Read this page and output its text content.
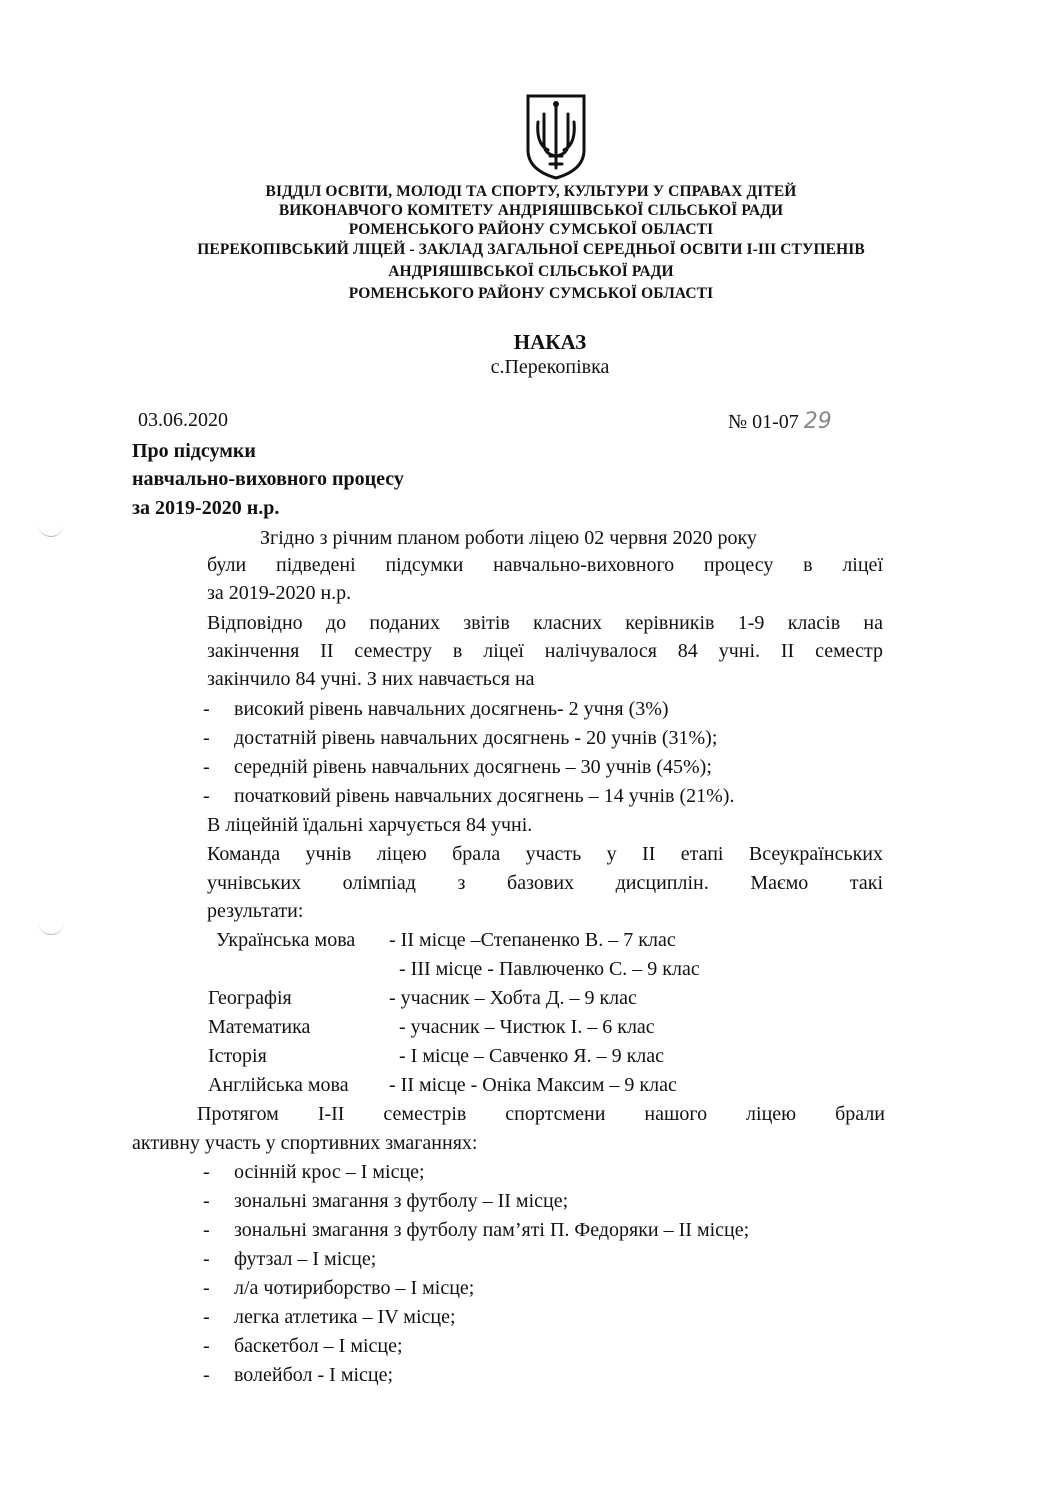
ВІДДІЛ ОСВІТИ, МОЛОДІ ТА СПОРТУ, КУЛЬТУРИ У СПРАВАХ ДІТЕЙ
ВИКОНАВЧОГО КОМІТЕТУ АНДРІЯШІВСЬКОЇ СІЛЬСЬКОЇ РАДИ
РОМЕНСЬКОГО РАЙОНУ СУМСЬКОЇ ОБЛАСТІ
ПЕРЕКОПІВСЬКИЙ ЛІЦЕЙ - ЗАКЛАД ЗАГАЛЬНОЇ СЕРЕДНЬОЇ ОСВІТИ І-ІІІ СТУПЕНІВ
АНДРІЯШІВСЬКОЇ СІЛЬСЬКОЇ РАДИ
РОМЕНСЬКОГО РАЙОНУ СУМСЬКОЇ ОБЛАСТІ
НАКАЗ
с.Перекопівка
03.06.2020	№ 01-07 29
Про підсумки
навчально-виховного процесу
за 2019-2020 н.р.
Згідно з річним планом роботи ліцею 02 червня 2020 року
були підведені підсумки навчально-виховного процесу в ліцеї
за 2019-2020 н.р.
Відповідно до поданих звітів класних керівників 1-9 класів на
закінчення ІІ семестру в ліцеї налічувалося 84 учні. ІІ семестр
закінчило 84 учні. З них навчається на
- високий рівень навчальних досягнень- 2 учня (3%)
- достатній рівень навчальних досягнень - 20 учнів (31%);
- середній рівень навчальних досягнень – 30 учнів (45%);
- початковий рівень навчальних досягнень – 14 учнів (21%).
В ліцейній їдальні харчується 84 учні.
Команда учнів ліцею брала участь у ІІ етапі Всеукраїнських
учнівських олімпіад з базових дисциплін. Маємо такі
результати:
Українська мова - ІІ місце –Степаненко В. – 7 клас
- ІІІ місце - Павлюченко С. – 9 клас
Географія	- учасник – Хобта Д. – 9 клас
Математика	- учасник – Чистюк І. – 6 клас
Історія	- І місце – Савченко Я. – 9 клас
Англійська мова - ІІ місце - Оніка Максим – 9 клас
Протягом І-ІІ семестрів спортсмени нашого ліцею брали
активну участь у спортивних змаганнях:
- осінній крос – І місце;
- зональні змагання з футболу – ІІ місце;
- зональні змагання з футболу пам’яті П. Федоряки – ІІ місце;
- футзал – І місце;
- л/а чотириборство – І місце;
- легка атлетика – ІV місце;
- баскетбол – І місце;
- волейбол - І місце;
